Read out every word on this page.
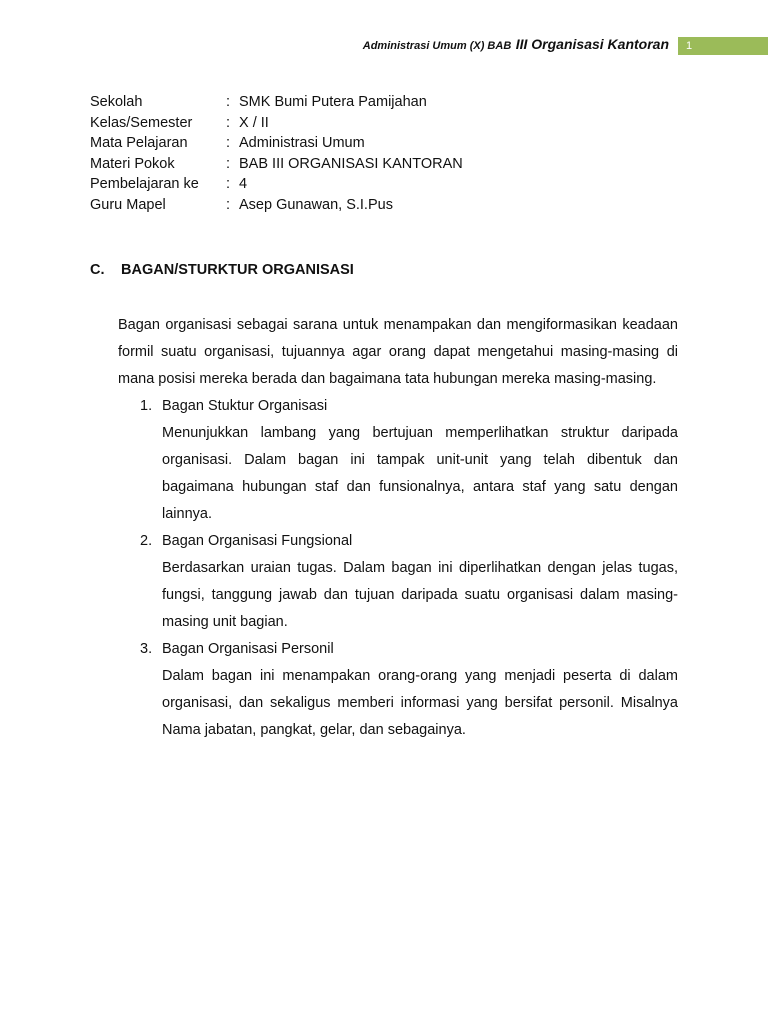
Administrasi Umum (X) BAB III Organisasi Kantoran	1
Sekolah	: SMK Bumi Putera Pamijahan
Kelas/Semester	: X / II
Mata Pelajaran	: Administrasi Umum
Materi Pokok	: BAB III ORGANISASI KANTORAN
Pembelajaran ke	: 4
Guru Mapel	: Asep Gunawan, S.I.Pus
C. BAGAN/STURKTUR ORGANISASI

Bagan organisasi sebagai sarana untuk menampakan dan mengiformasikan keadaan formil suatu organisasi, tujuannya agar orang dapat mengetahui masing-masing di mana posisi mereka berada dan bagaimana tata hubungan mereka masing-masing.

1. Bagan Stuktur Organisasi

Menunjukkan lambang yang bertujuan memperlihatkan struktur daripada organisasi. Dalam bagan ini tampak unit-unit yang telah dibentuk dan bagaimana hubungan staf dan funsionalnya, antara staf yang satu dengan lainnya.

2. Bagan Organisasi Fungsional

Berdasarkan uraian tugas. Dalam bagan ini diperlihatkan dengan jelas tugas, fungsi, tanggung jawab dan tujuan daripada suatu organisasi dalam masing-masing unit bagian.

3. Bagan Organisasi Personil

Dalam bagan ini menampakan orang-orang yang menjadi peserta di dalam organisasi, dan sekaligus memberi informasi yang bersifat personil. Misalnya Nama jabatan, pangkat, gelar, dan sebagainya.
